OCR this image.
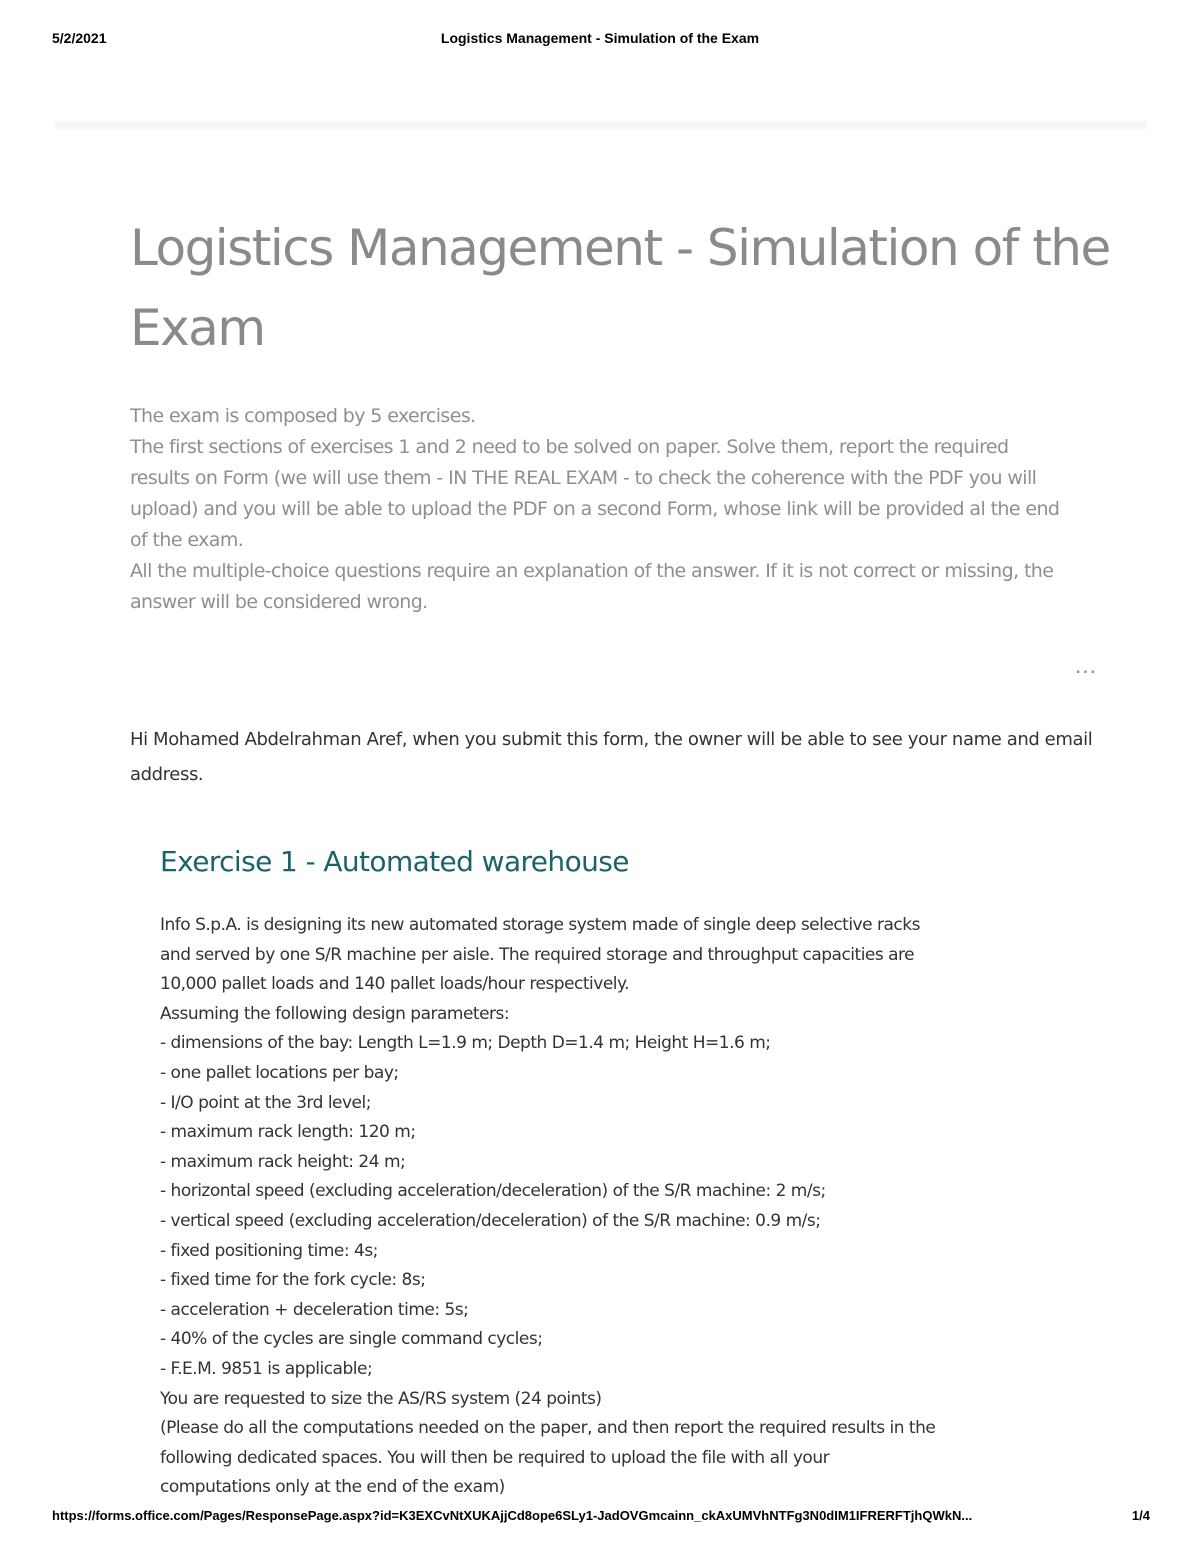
5/2/2021	Logistics Management - Simulation of the Exam
Logistics Management - Simulation of the Exam

The exam is composed by 5 exercises.

The first sections of exercises 1 and 2 need to be solved on paper. Solve them, report the required results on Form (we will use them - IN THE REAL EXAM - to check the coherence with the PDF you will upload) and you will be able to upload the PDF on a second Form, whose link will be provided al the end of the exam.

All the multiple-choice questions require an explanation of the answer. If it is not correct or missing, the answer will be considered wrong.

···
Hi Mohamed Abdelrahman Aref, when you submit this form, the owner will be able to see your name and email address.
Exercise 1 - Automated warehouse

Info S.p.A. is designing its new automated storage system made of single deep selective racks

and served by one S/R machine per aisle. The required storage and throughput capacities are

10,000 pallet loads and 140 pallet loads/hour respectively.

Assuming the following design parameters:

- dimensions of the bay: Length L=1.9 m; Depth D=1.4 m; Height H=1.6 m;

- one pallet locations per bay;

- I/O point at the 3rd level;

- maximum rack length: 120 m;

- maximum rack height: 24 m;

- horizontal speed (excluding acceleration/deceleration) of the S/R machine: 2 m/s;

- vertical speed (excluding acceleration/deceleration) of the S/R machine: 0.9 m/s;

- fixed positioning time: 4s;

- fixed time for the fork cycle: 8s;

- acceleration + deceleration time: 5s;

- 40% of the cycles are single command cycles;

- F.E.M. 9851 is applicable;

You are requested to size the AS/RS system (24 points)

(Please do all the computations needed on the paper, and then report the required results in the

following dedicated spaces. You will then be required to upload the file with all your

computations only at the end of the exam)

https://forms.office.com/Pages/ResponsePage.aspx?id=K3EXCvNtXUKAjjCd8ope6SLy1-JadOVGmcainn_ckAxUMVhNTFg3N0dIM1IFRERFTjhQWkN...	1/4
